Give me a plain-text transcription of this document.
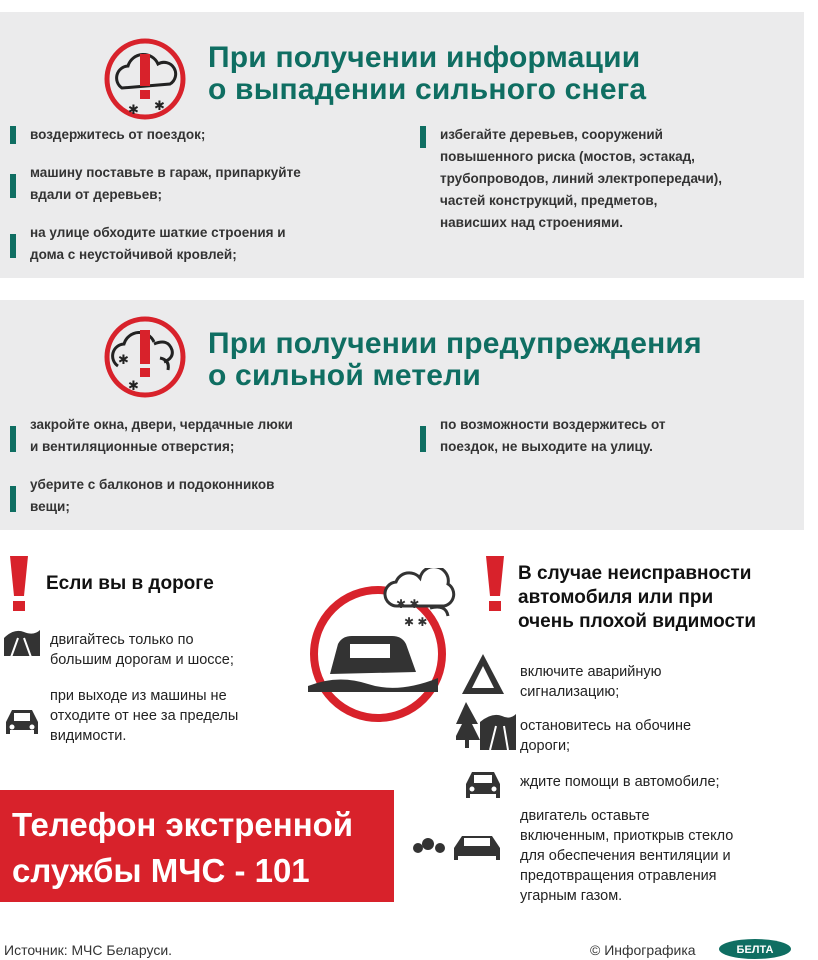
✱ ✱
При получении информации
о выпадении сильного снега
воздержитесь от поездок;
машину поставьте в гараж, припаркуйте
вдали от деревьев;
на улице обходите шаткие строения и
дома с неустойчивой кровлей;
избегайте деревьев, сооружений
повышенного риска (мостов, эстакад,
трубопроводов, линий электропередачи),
частей конструкций, предметов,
нависших над строениями.
✱
✱
При получении предупреждения
о сильной метели
закройте окна, двери, чердачные люки
и вентиляционные отверстия;
уберите с балконов и подоконников
вещи;
по возможности воздержитесь от
поездок, не выходите на улицу.
Если вы в дороге
двигайтесь только по
большим дорогам и шоссе;
при выходе из машины не
отходите от нее за пределы
видимости.
✱ ✱
✱ ✱
В случае неисправности
автомобиля или при
очень плохой видимости
включите аварийную
сигнализацию;
остановитесь на обочине
дороги;
ждите помощи в автомобиле;
двигатель оставьте
включенным, приоткрыв стекло
для обеспечения вентиляции и
предотвращения отравления
угарным газом.
Телефон экстренной
службы МЧС - 101
Источник: МЧС Беларуси.	© Инфографика	БЕЛТА
